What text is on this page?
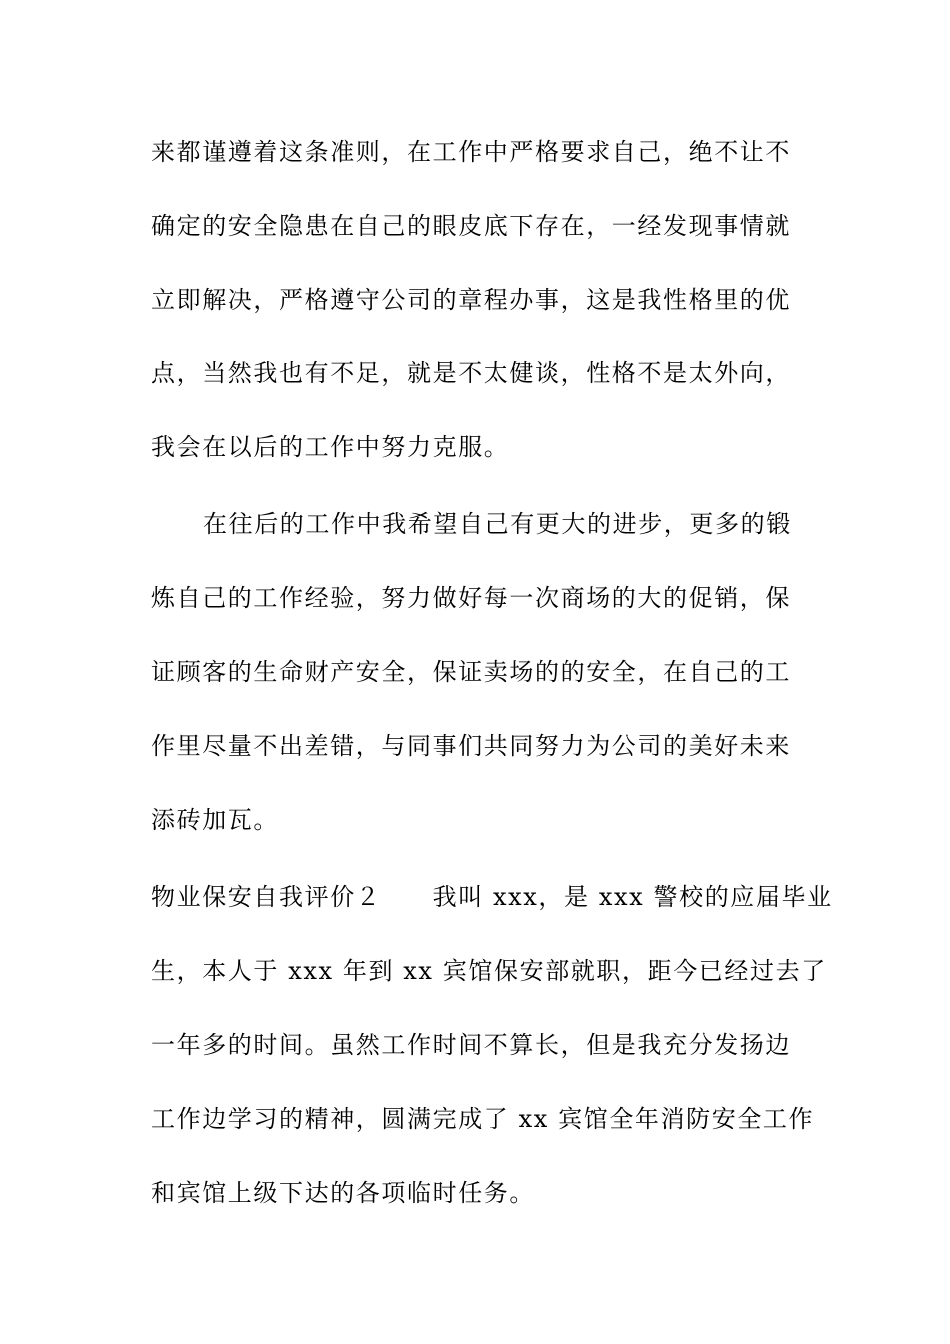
来都谨遵着这条准则，在工作中严格要求自己，绝不让不
确定的安全隐患在自己的眼皮底下存在，一经发现事情就
立即解决，严格遵守公司的章程办事，这是我性格里的优
点，当然我也有不足，就是不太健谈，性格不是太外向，
我会在以后的工作中努力克服。
在往后的工作中我希望自己有更大的进步，更多的锻
炼自己的工作经验，努力做好每一次商场的大的促销，保
证顾客的生命财产安全，保证卖场的的安全，在自己的工
作里尽量不出差错，与同事们共同努力为公司的美好未来
添砖加瓦。
物业保安自我评价２　　我叫 xxx，是 xxx 警校的应届毕业
生，本人于 xxx 年到 xx 宾馆保安部就职，距今已经过去了
一年多的时间。虽然工作时间不算长，但是我充分发扬边
工作边学习的精神，圆满完成了 xx 宾馆全年消防安全工作
和宾馆上级下达的各项临时任务。
